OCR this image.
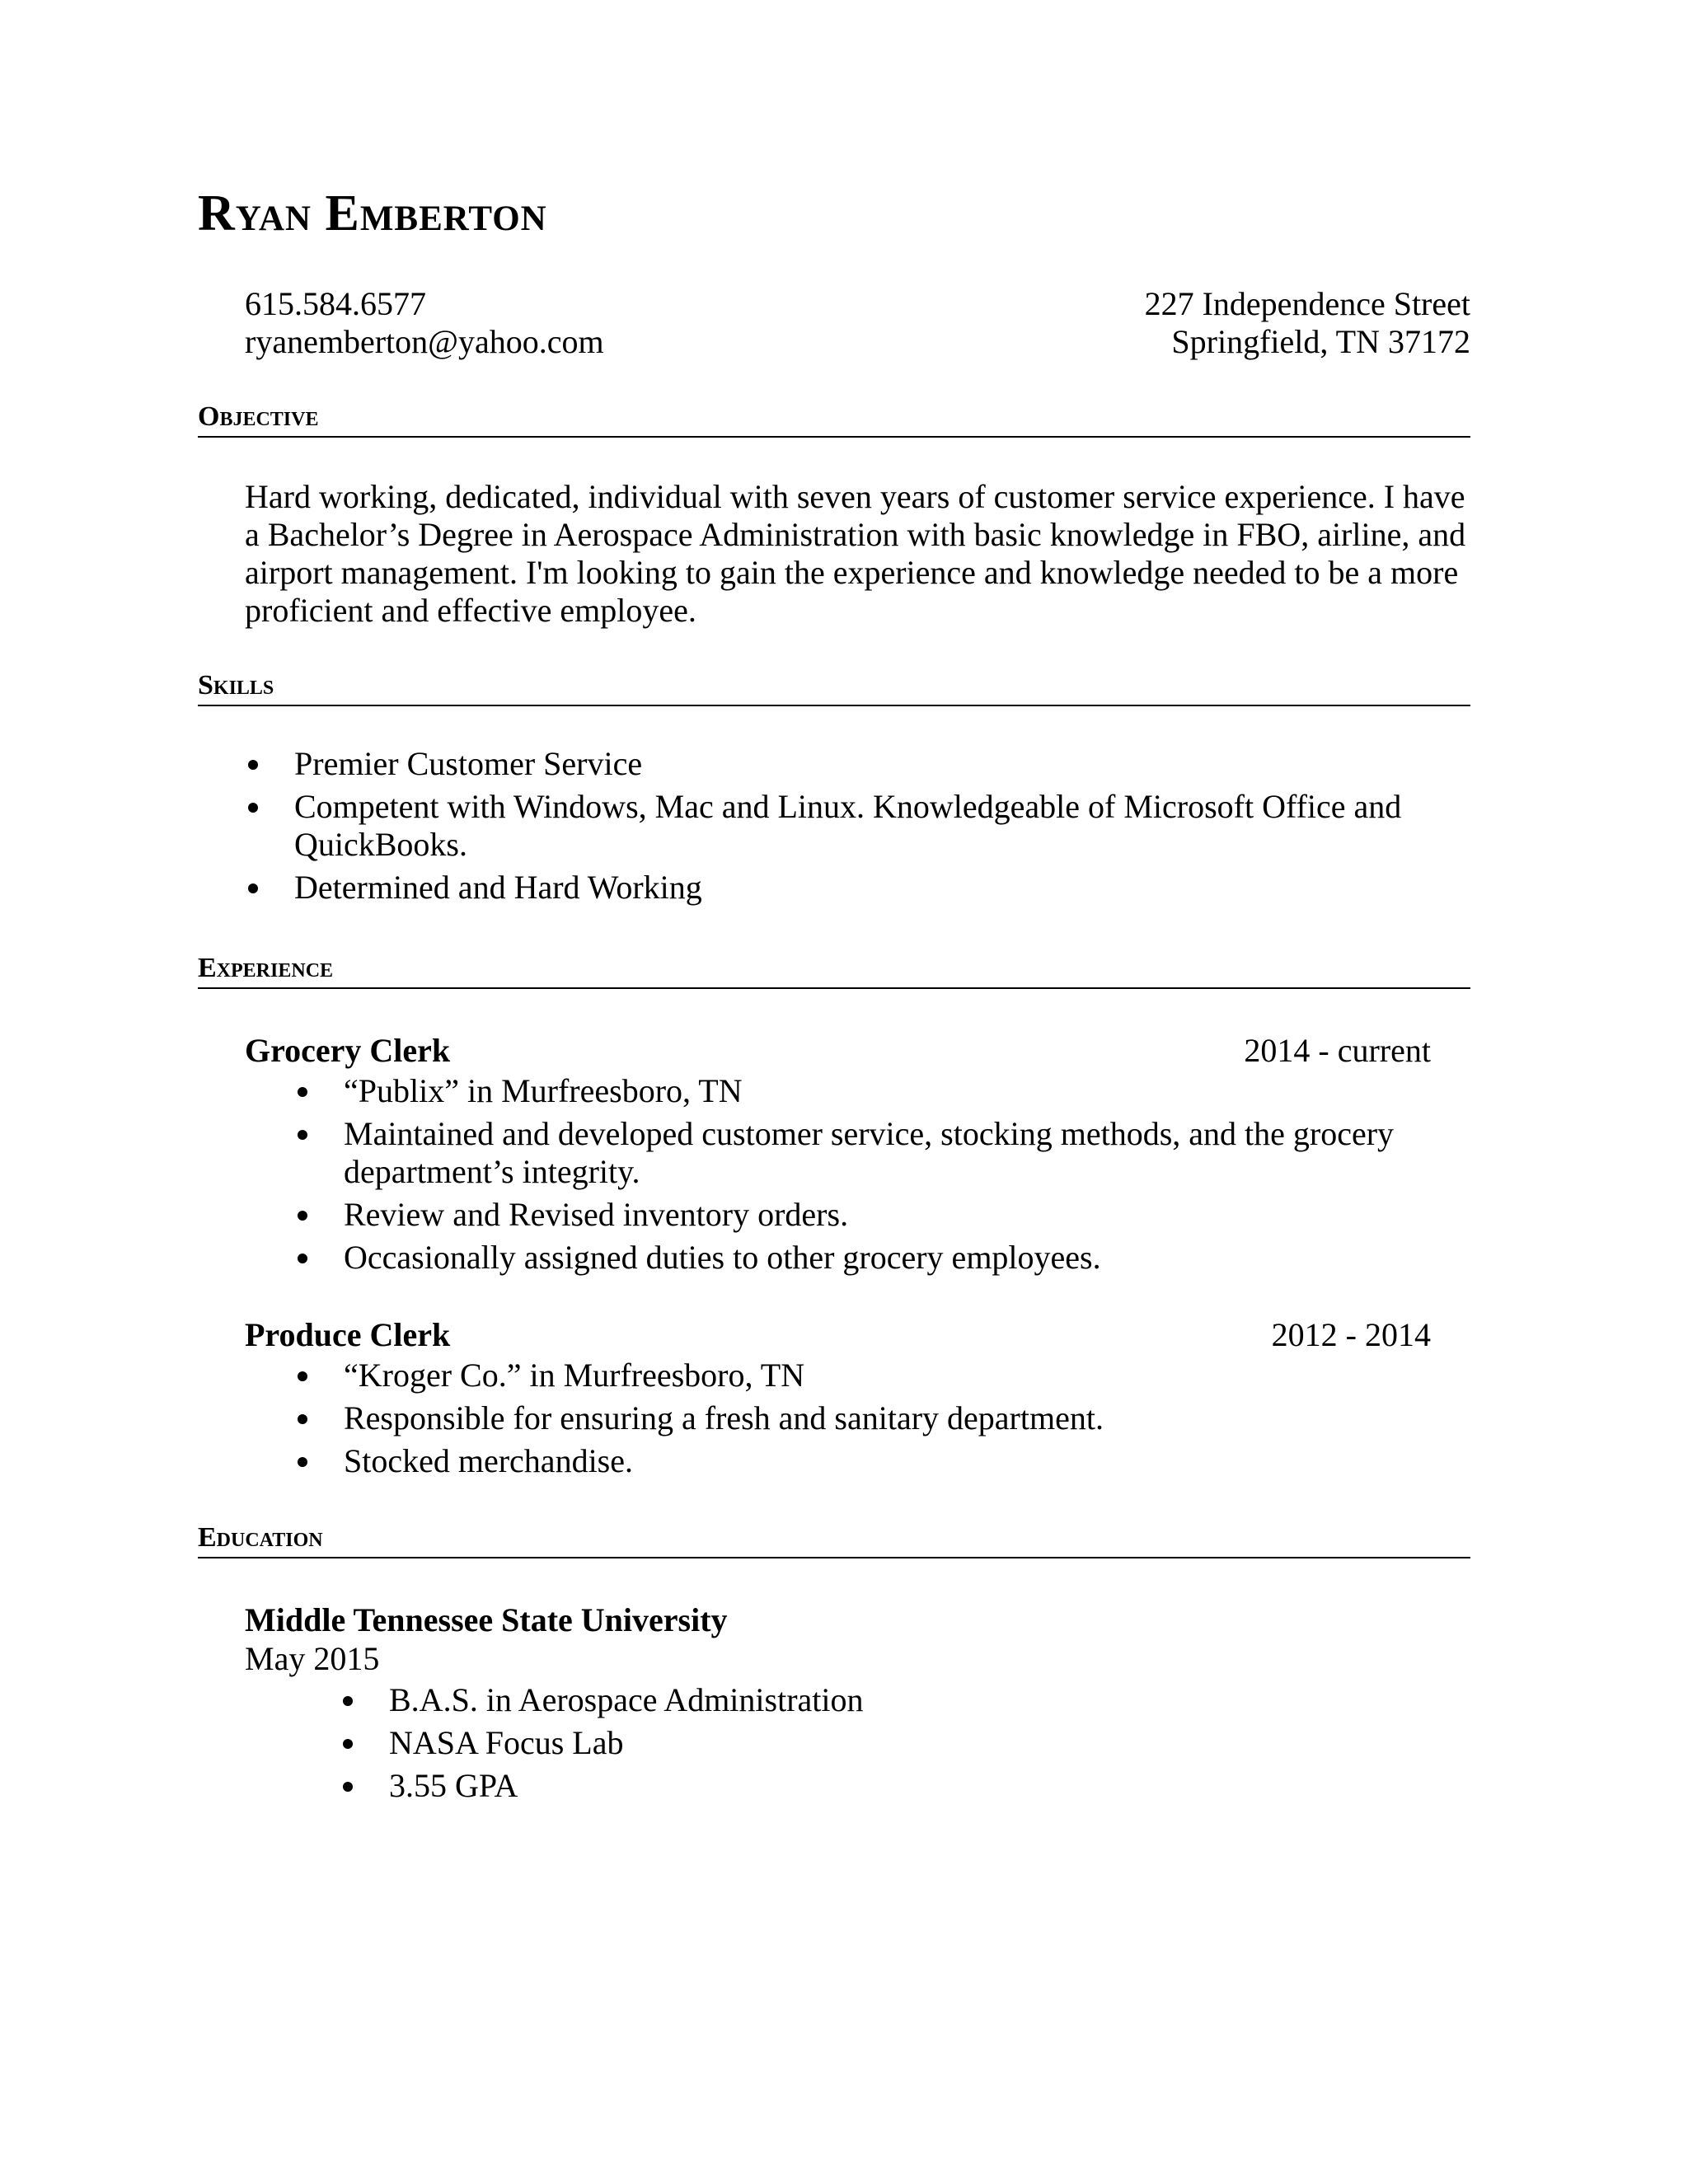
Ryan Emberton
615.584.6577
ryanemberton@yahoo.com
227 Independence Street
Springfield, TN 37172
Objective
Hard working, dedicated, individual with seven years of customer service experience. I have a Bachelor’s Degree in Aerospace Administration with basic knowledge in FBO, airline, and airport management. I'm looking to gain the experience and knowledge needed to be a more proficient and effective employee.
Skills
Premier Customer Service
Competent with Windows, Mac and Linux. Knowledgeable of Microsoft Office and QuickBooks.
Determined and Hard Working
Experience
Grocery Clerk	2014 - current
“Publix” in Murfreesboro, TN
Maintained and developed customer service, stocking methods, and the grocery department’s integrity.
Review and Revised inventory orders.
Occasionally assigned duties to other grocery employees.
Produce Clerk	2012 - 2014
“Kroger Co.” in Murfreesboro, TN
Responsible for ensuring a fresh and sanitary department.
Stocked merchandise.
Education
Middle Tennessee State University
May 2015
B.A.S. in Aerospace Administration
NASA Focus Lab
3.55 GPA
